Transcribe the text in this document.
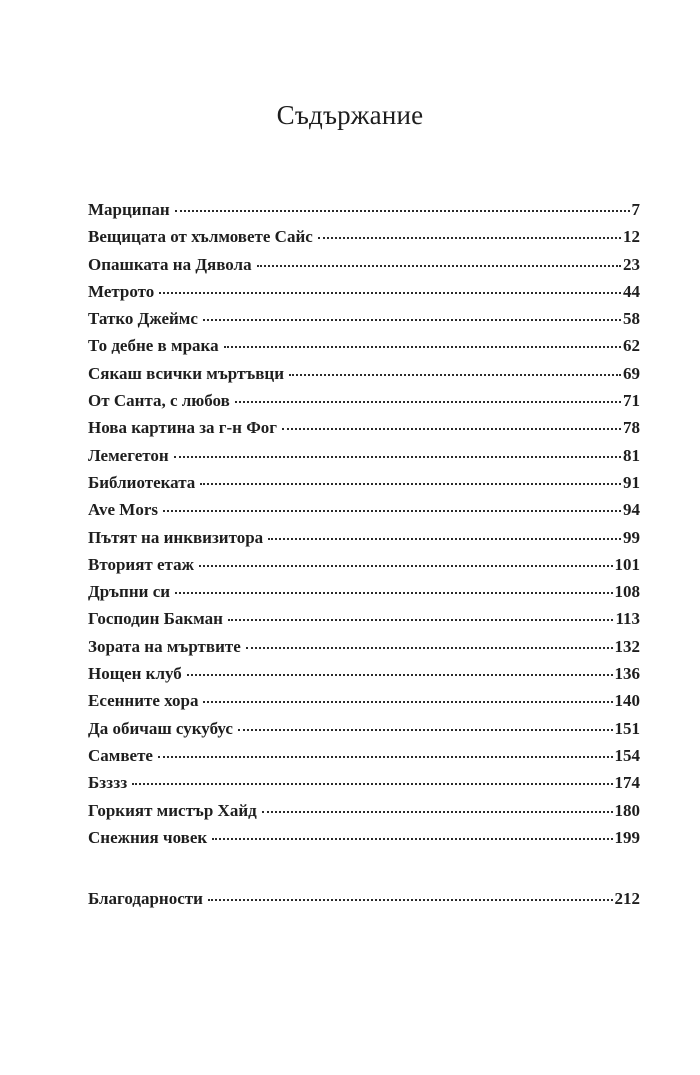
Съдържание
Марципан	7
Вещицата от хълмовете Сайс	12
Опашката на Дявола	23
Метрото	44
Татко Джеймс	58
То дебне в мрака	62
Сякаш всички мъртъвци	69
От Санта, с любов	71
Нова картина за г-н Фог	78
Лемегетон	81
Библиотеката	91
Ave Mors	94
Пътят на инквизитора	99
Вторият етаж	101
Дръпни си	108
Господин Бакман	113
Зората на мъртвите	132
Нощен клуб	136
Есенните хора	140
Да обичаш сукубус	151
Самвете	154
Бзззз	174
Горкият мистър Хайд	180
Снежния човек	199
Благодарности	212
